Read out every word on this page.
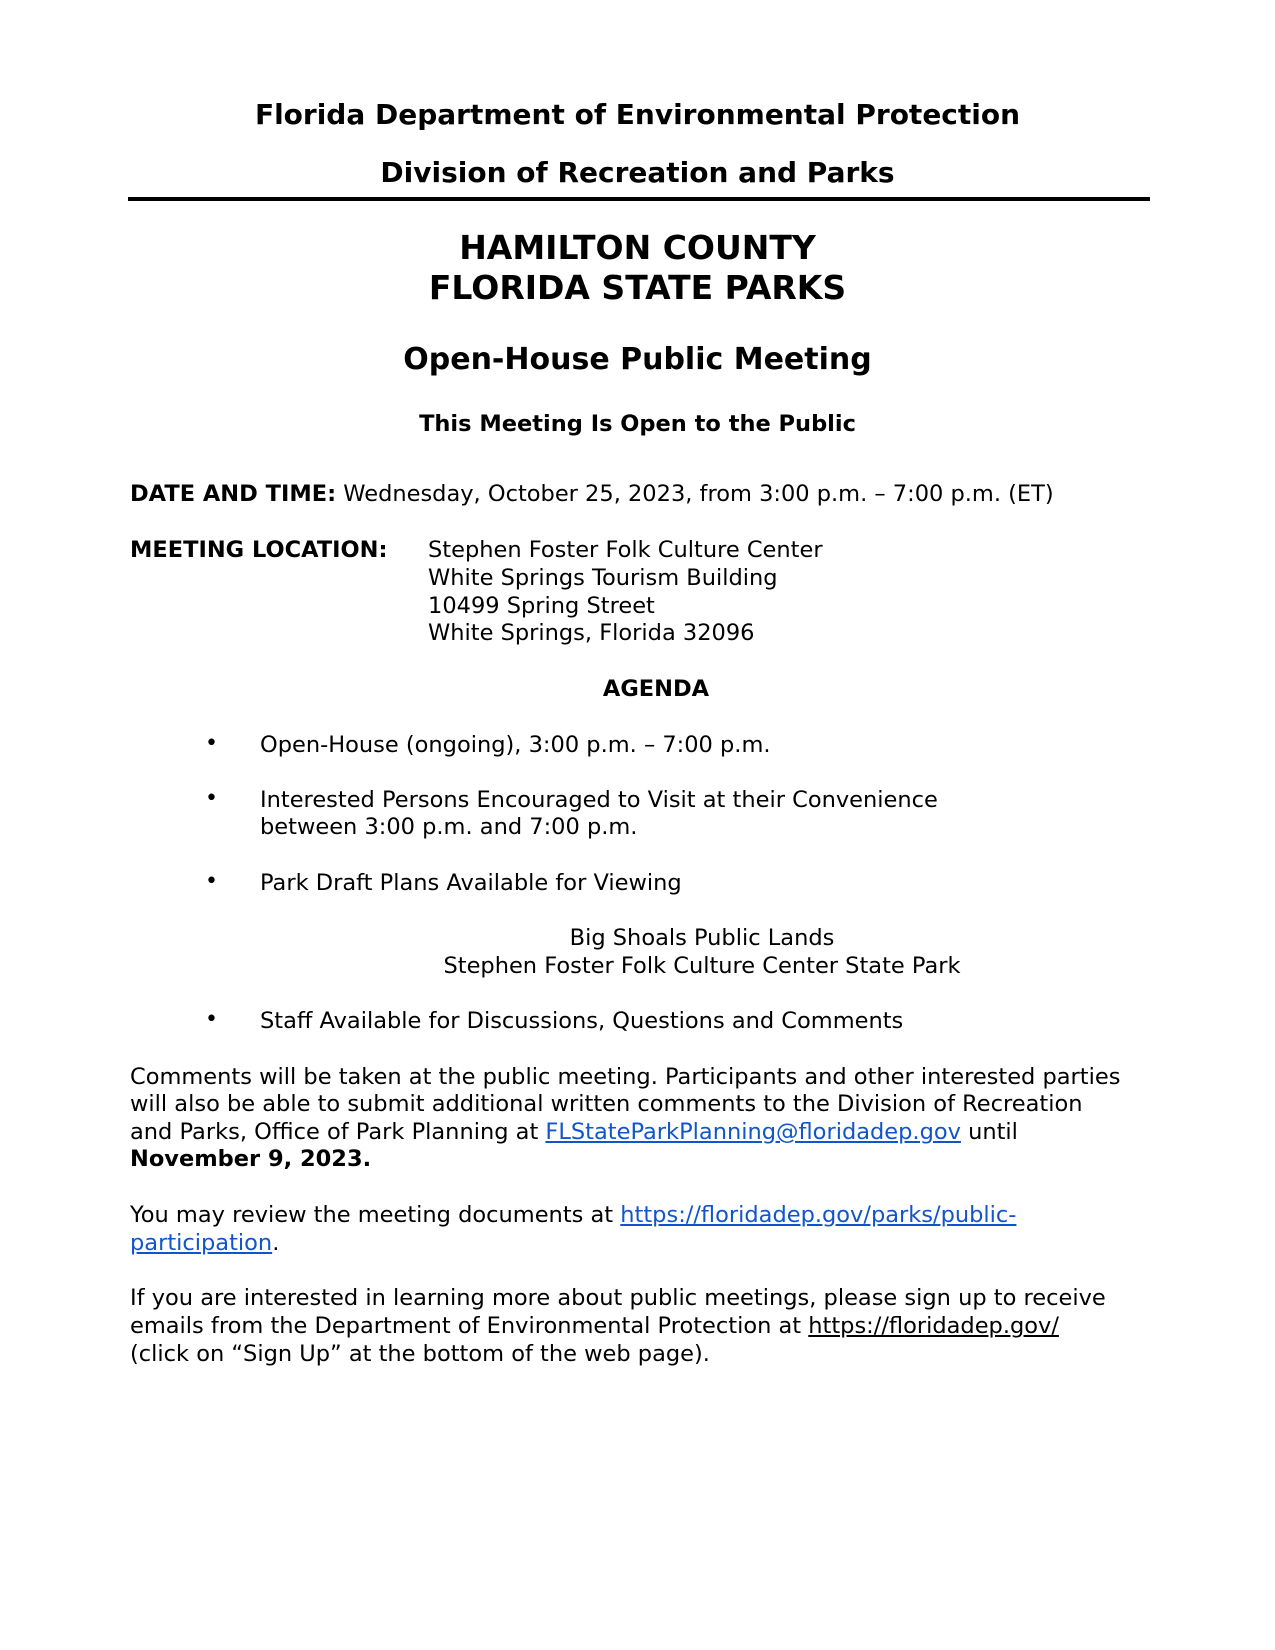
Florida Department of Environmental Protection
Division of Recreation and Parks
HAMILTON COUNTY
FLORIDA STATE PARKS
Open-House Public Meeting
This Meeting Is Open to the Public
DATE AND TIME: Wednesday, October 25, 2023, from 3:00 p.m. – 7:00 p.m. (ET)
MEETING LOCATION: Stephen Foster Folk Culture Center
White Springs Tourism Building
10499 Spring Street
White Springs, Florida 32096
AGENDA
• Open-House (ongoing), 3:00 p.m. – 7:00 p.m.
• Interested Persons Encouraged to Visit at their Convenience
between 3:00 p.m. and 7:00 p.m.
• Park Draft Plans Available for Viewing
Big Shoals Public Lands
Stephen Foster Folk Culture Center State Park
• Staff Available for Discussions, Questions and Comments
Comments will be taken at the public meeting. Participants and other interested parties
will also be able to submit additional written comments to the Division of Recreation
and Parks, Office of Park Planning at FLStateParkPlanning@floridadep.gov until
November 9, 2023.
You may review the meeting documents at https://floridadep.gov/parks/public-
participation.
If you are interested in learning more about public meetings, please sign up to receive
emails from the Department of Environmental Protection at https://floridadep.gov/
(click on “Sign Up” at the bottom of the web page).
